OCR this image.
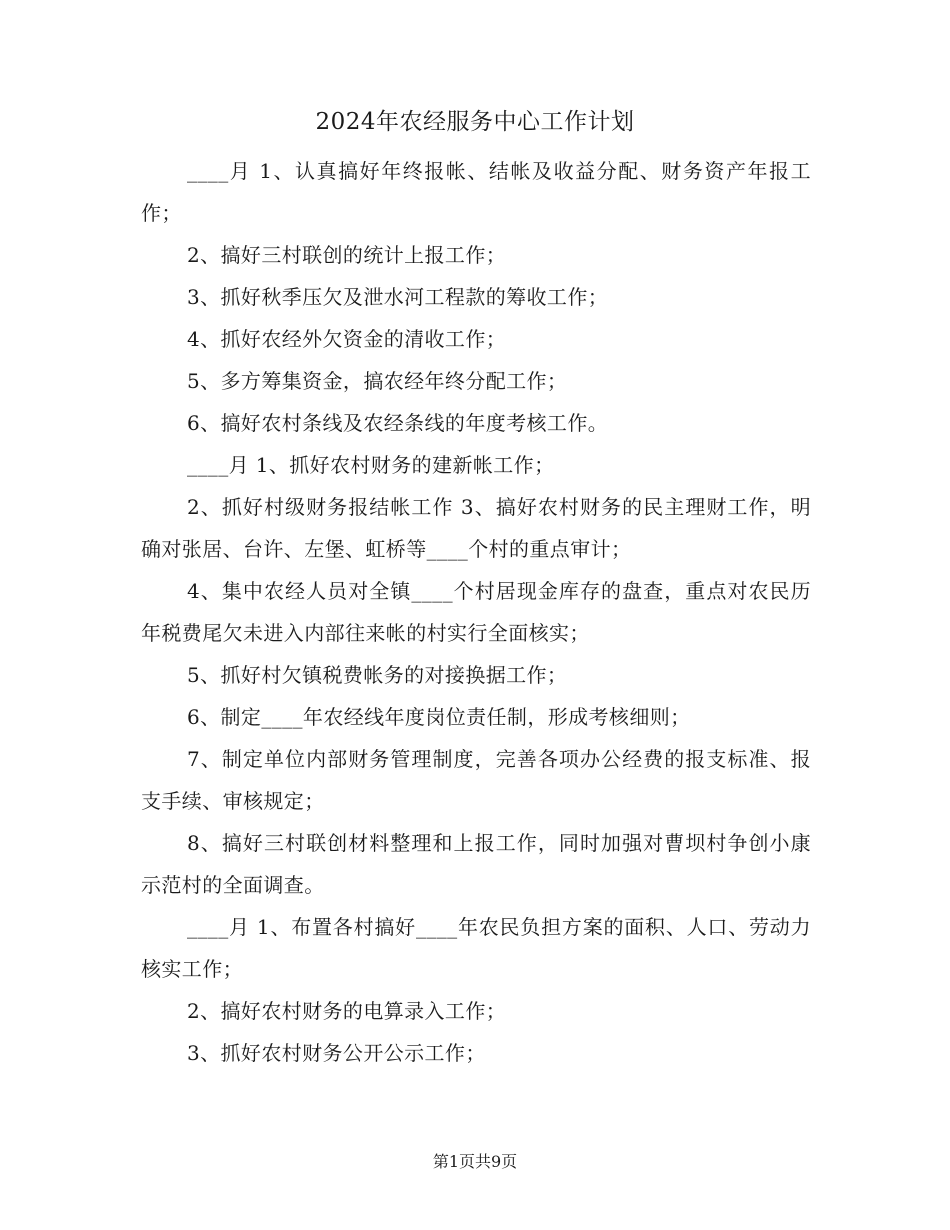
2024年农经服务中心工作计划

____月 1、认真搞好年终报帐、结帐及收益分配、财务资产年报工作；

2、搞好三村联创的统计上报工作；

3、抓好秋季压欠及泄水河工程款的筹收工作；

4、抓好农经外欠资金的清收工作；

5、多方筹集资金，搞农经年终分配工作；

6、搞好农村条线及农经条线的年度考核工作。

____月 1、抓好农村财务的建新帐工作；

2、抓好村级财务报结帐工作 3、搞好农村财务的民主理财工作，明确对张居、台许、左堡、虹桥等____个村的重点审计；

4、集中农经人员对全镇____个村居现金库存的盘查，重点对农民历年税费尾欠未进入内部往来帐的村实行全面核实；

5、抓好村欠镇税费帐务的对接换据工作；

6、制定____年农经线年度岗位责任制，形成考核细则；

7、制定单位内部财务管理制度，完善各项办公经费的报支标准、报支手续、审核规定；

8、搞好三村联创材料整理和上报工作，同时加强对曹坝村争创小康示范村的全面调查。

____月 1、布置各村搞好____年农民负担方案的面积、人口、劳动力核实工作；

2、搞好农村财务的电算录入工作；

3、抓好农村财务公开公示工作；

第1页共9页
